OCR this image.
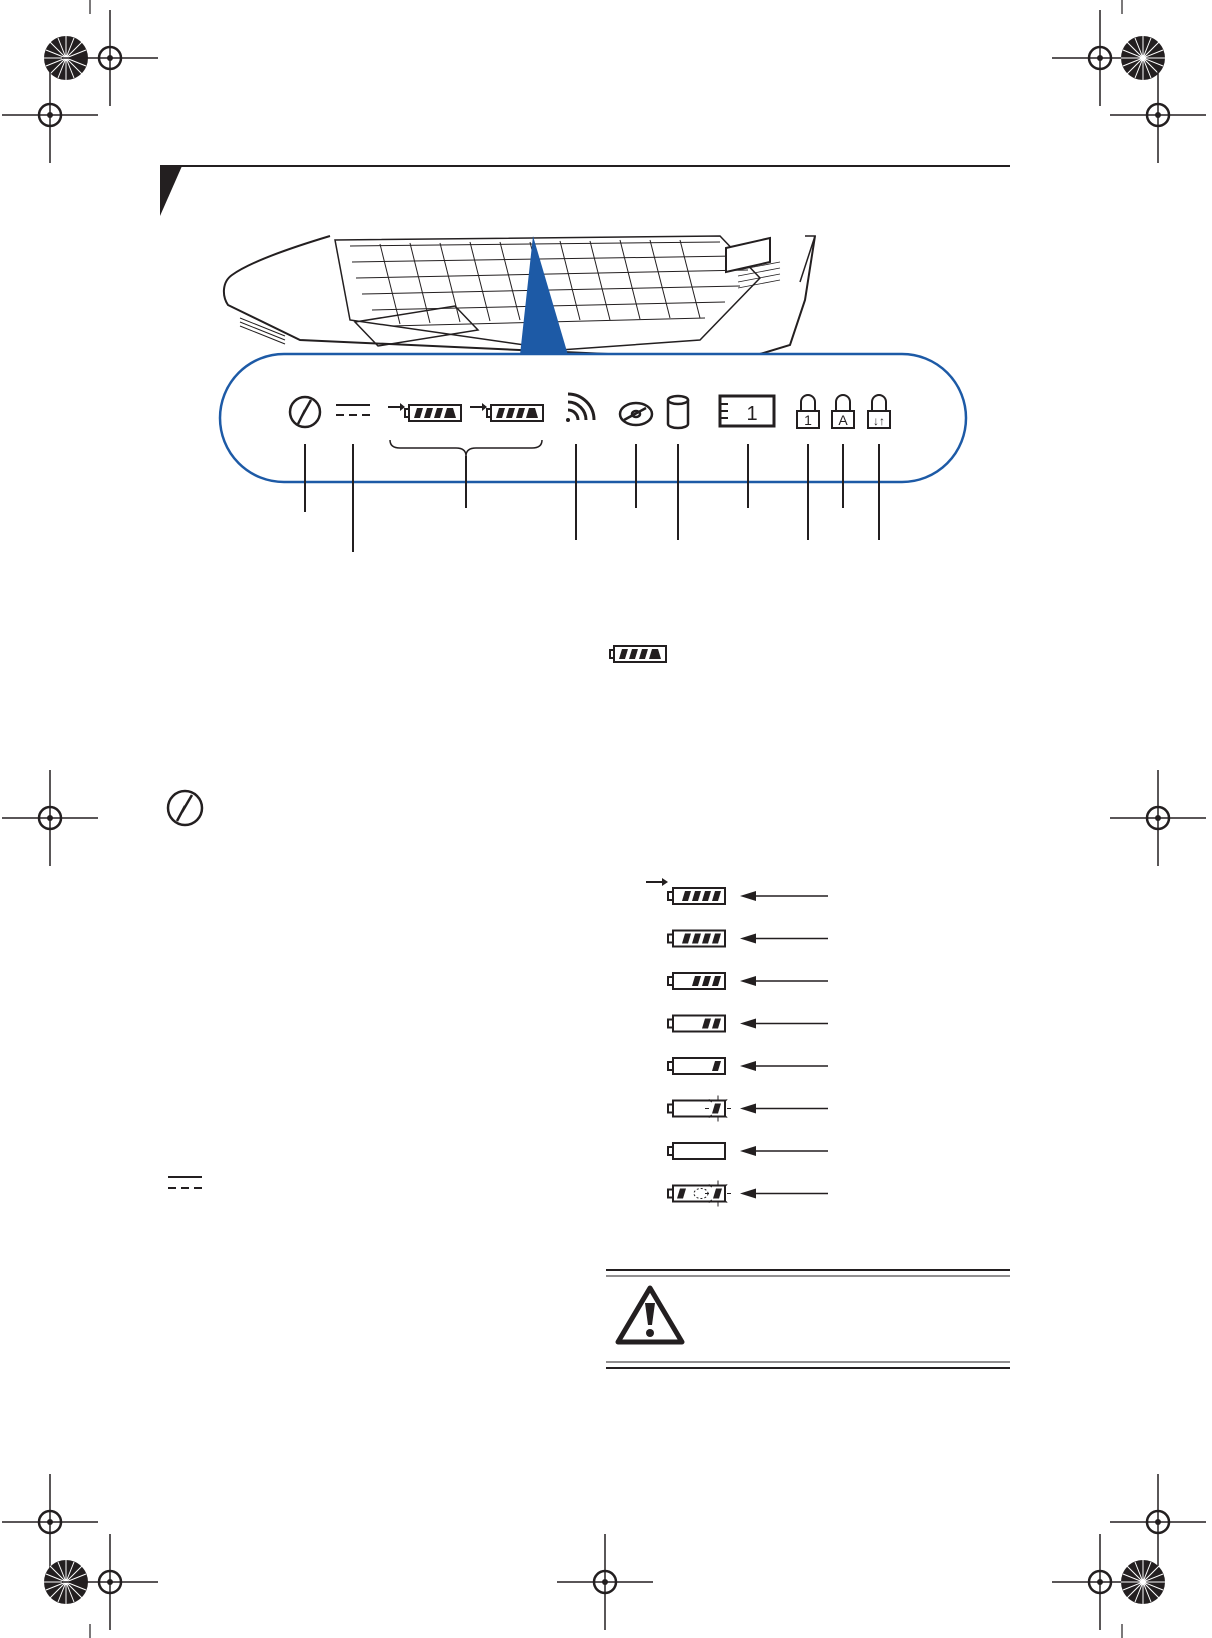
1	1 A ↓↑
